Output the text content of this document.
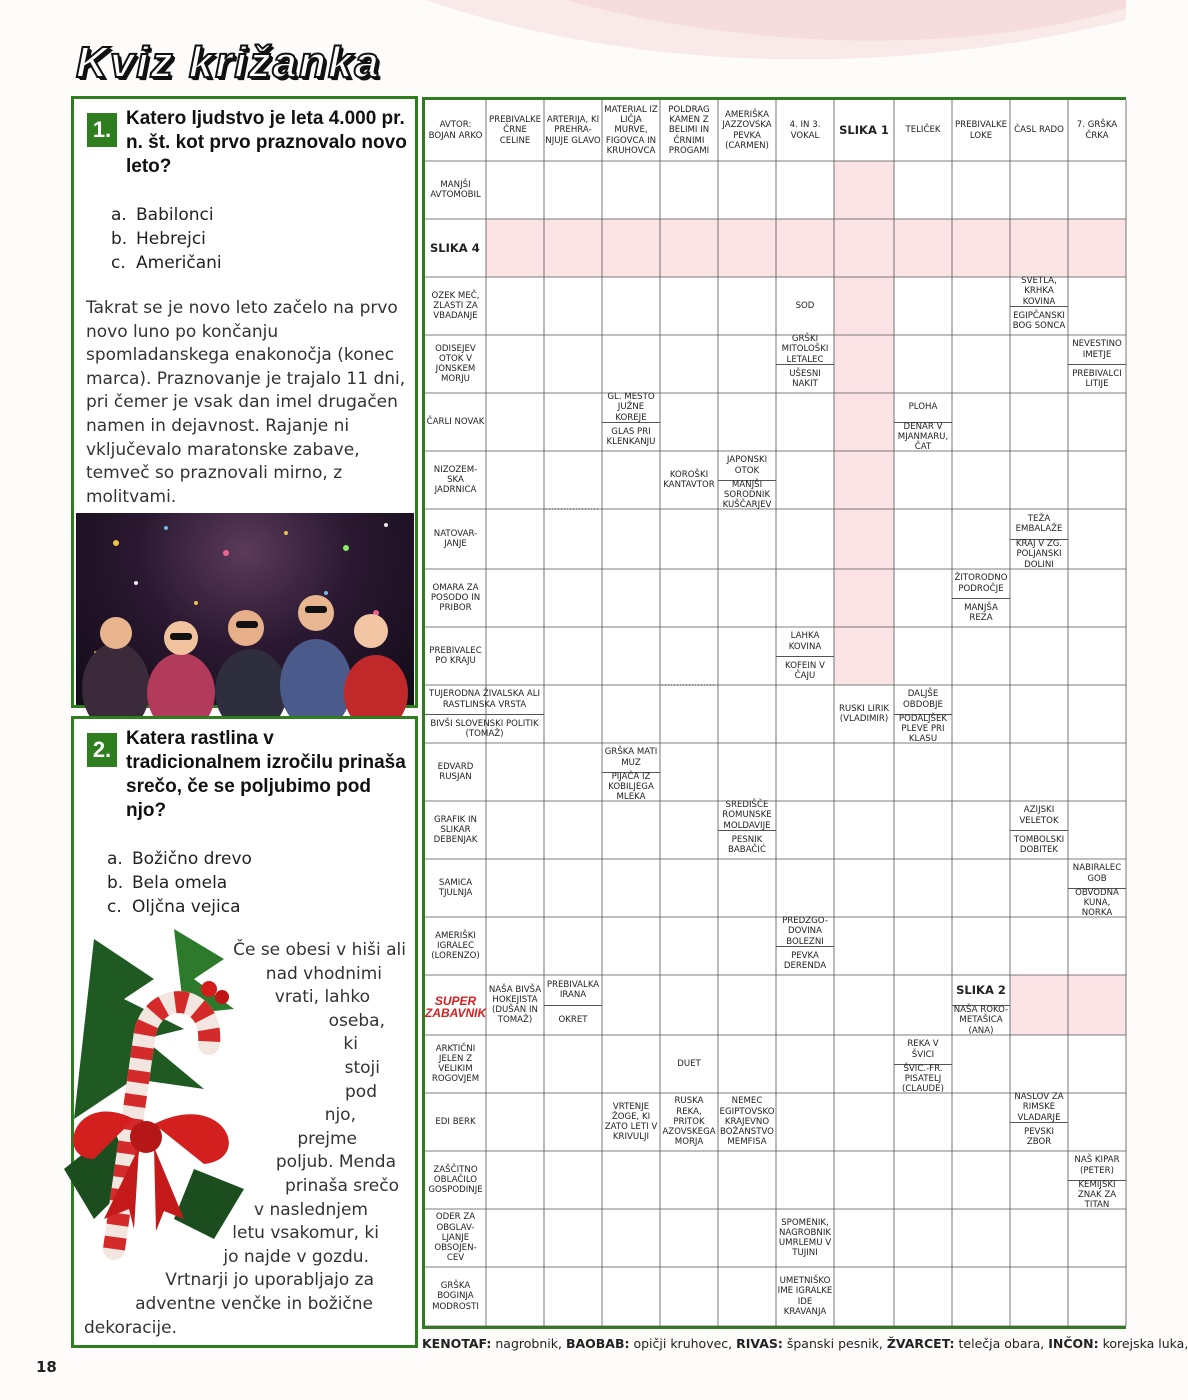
Kviz križanka
1. Katero ljudstvo je leta 4.000 pr. n. št. kot prvo praznovalo novo leto?
a. Babilonci
b. Hebrejci
c. Američani
Takrat se je novo leto začelo na prvo novo luno po končanju spomladanskega enakonočja (konec marca). Praznovanje je trajalo 11 dni, pri čemer je vsak dan imel drugačen namen in dejavnost. Rajanje ni vključevalo maratonske zabave, temveč so praznovali mirno, z molitvami.
2. Katera rastlina v tradicionalnem izročilu prinaša srečo, če se poljubimo pod njo?
a. Božično drevo
b. Bela omela
c. Oljčna vejica
Če se obesi v hiši ali
nad vhodnimi
vrati, lahko
oseba,
ki
stoji
pod
njo,
prejme
poljub. Menda
prinaša srečo
v naslednjem
letu vsakomur, ki
jo najde v gozdu.
Vrtnarji jo uporabljajo za
adventne venčke in božične
dekoracije.
18
AVTOR: BOJAN ARKO
PREBIVALKE ČRNE CELINE
ARTERIJA, KI PREHRA-NJUJE GLAVO
MATERIAL IZ LIČJA MURVE, FIGOVCA IN KRUHOVCA
POLDRAG KAMEN Z BELIMI IN ČRNIMI PROGAMI
AMERIŠKA JAZZOVSKA PEVKA (CARMEN)
4. IN 3. VOKAL	SLIKA 1	TELIČEK
PREBIVALKE LOKE
ČASL RADO
7. GRŠKA ČRKA
MANJŠI AVTOMOBIL
SLIKA 4
OZEK MEČ, ZLASTI ZA VBADANJE
SOD
SVETLA, KRHKA KOVINA
EGIPČANSKI BOG SONCA
ODISEJEV OTOK V JONSKEM MORJU
GRŠKI MITOLOŠKI LETALEC
UŠESNI NAKIT
NEVESTINO IMETJE
PREBIVALCI LITIJE
ČARLI NOVAK
GL. MESTO JUŽNE KOREJE
GLAS PRI KLENKANJU
PLOHA
DENAR V MJANMARU, ČAT
NIZOZEM-SKA JADRNICA
KOROŠKI KANTAVTOR
JAPONSKI OTOK
MANJŠI SORODNIK KUŠČARJEV
NATOVAR-JANJE
TEŽA EMBALAŽE
KRAJ V ZG. POLJANSKI DOLINI
OMARA ZA POSODO IN PRIBOR
ŽITORODNO PODROČJE
MANJŠA REZA
PREBIVALEC PO KRAJU
LAHKA KOVINA
KOFEIN V ČAJU
TUJERODNA ŽIVALSKA ALI RASTLINSKA VRSTA
BIVŠI SLOVENSKI POLITIK (TOMAŽ)
RUSKI LIRIK (VLADIMIR)
DALJŠE OBDOBJE
PODALJŠEK PLEVE PRI KLASU
EDVARD RUSJAN
GRŠKA MATI MUZ
PIJAČA IZ KOBILJEGA MLEKA
GRAFIK IN SLIKAR DEBENJAK
SREDIŠČE ROMUNSKE MOLDAVIJE
PESNIK BABAČIĆ
AZIJSKI VELETOK
TOMBOLSKI DOBITEK
SAMICA TJULNJA
NABIRALEC GOB
OBVODNA KUNA, NORKA
AMERIŠKI IGRALEC (LORENZO)
PREDZGO-DOVINA BOLEZNI
PEVKA DERENDA
NAŠA BIVŠA HOKEJISTA (DUŠAN IN TOMAŽ)
PREBIVALKA IRANA
OKRET
SLIKA 2
NAŠA ROKO-METAŠICA (ANA)
ARKTIČNI JELEN Z VELIKIM ROGOVJEM
DUET
REKA V ŠVICI
ŠVIC.-FR. PISATELJ (CLAUDE)
EDI BERK
VRTENJE ŽOGE, KI ZATO LETI V KRIVULJI
RUSKA REKA, PRITOK AZOVSKEGA MORJA
NEMEC EGIPTOVSKO KRAJEVNO BOŽANSTVO MEMFISA
NASLOV ZA RIMSKE VLADARJE
PEVSKI ZBOR
ZAŠČITNO OBLAČILO GOSPODINJE
NAŠ KIPAR (PETER)
KEMIJSKI ZNAK ZA TITAN
ODER ZA OBGLAV-LJANJE OBSOJEN-CEV
SPOMENIK, NAGROBNIK UMRLEMU V TUJINI
GRŠKA BOGINJA MODROSTI
UMETNIŠKO IME IGRALKE IDE KRAVANJA
SUPER ZABAVNIK
KENOTAF: nagrobnik, BAOBAB: opičji kruhovec, RIVAS: španski pesnik, ŽVARCET: telečja obara, INČON: korejska luka,
